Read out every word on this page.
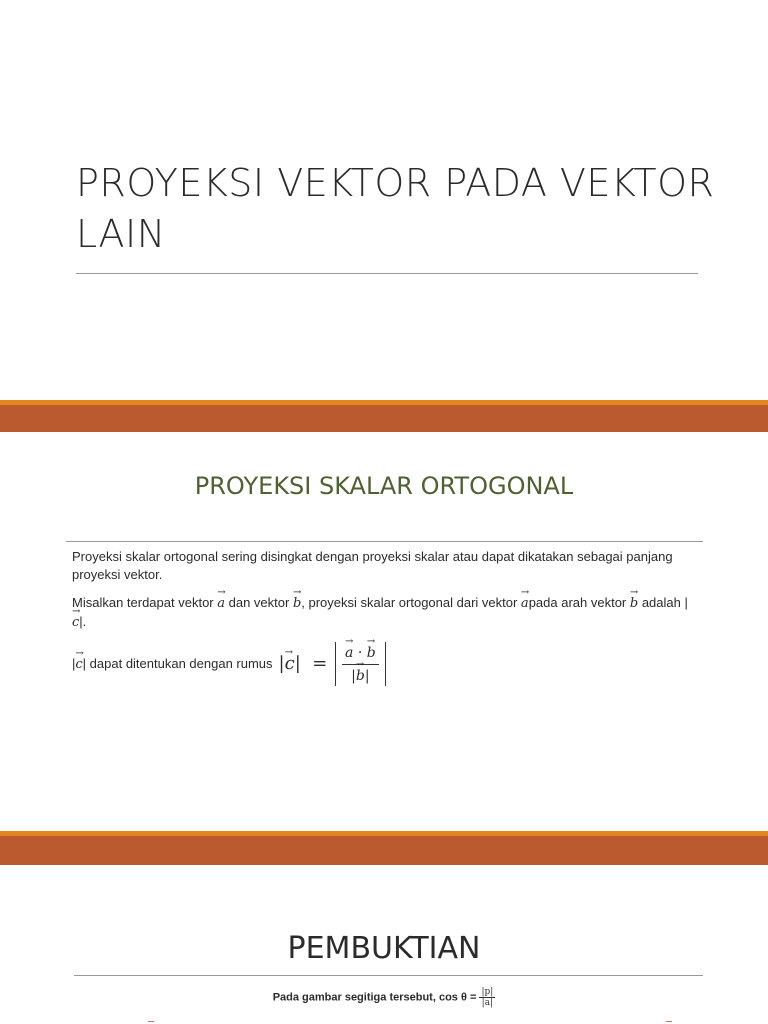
PROYEKSI VEKTOR PADA VEKTOR LAIN
PROYEKSI SKALAR ORTOGONAL

Proyeksi skalar ortogonal sering disingkat dengan proyeksi skalar atau dapat dikatakan sebagai panjang proyeksi vektor.

Misalkan terdapat vektor → a dan vektor → b, proyeksi skalar ortogonal dari vektor → apada arah vektor → b adalah |→ c|.

|→ c| dapat ditentukan dengan rumus | → c |  = → $\frac{a \cdot \to b}{|\to b|}$
PEMBUKTIAN
Pada gambar segitiga tersebut, $\cos \theta = \frac{|p|}{|a|}$
